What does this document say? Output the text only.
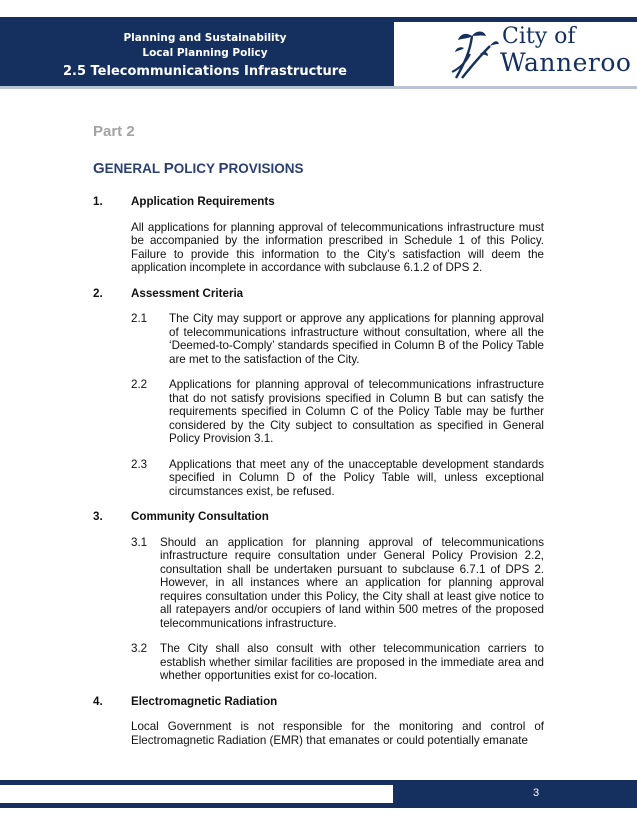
Planning and Sustainability
Local Planning Policy
2.5 Telecommunications Infrastructure
City of
Wanneroo
Part 2
GENERAL POLICY PROVISIONS
1.	Application Requirements
All applications for planning approval of telecommunications infrastructure must be accompanied by the information prescribed in Schedule 1 of this Policy. Failure to provide this information to the City’s satisfaction will deem the application incomplete in accordance with subclause 6.1.2 of DPS 2.
2.	Assessment Criteria
2.1	The City may support or approve any applications for planning approval of telecommunications infrastructure without consultation, where all the ‘Deemed-to-Comply’ standards specified in Column B of the Policy Table are met to the satisfaction of the City.
2.2	Applications for planning approval of telecommunications infrastructure that do not satisfy provisions specified in Column B but can satisfy the requirements specified in Column C of the Policy Table may be further considered by the City subject to consultation as specified in General Policy Provision 3.1.
2.3	Applications that meet any of the unacceptable development standards specified in Column D of the Policy Table will, unless exceptional circumstances exist, be refused.
3.	Community Consultation
3.1	Should an application for planning approval of telecommunications infrastructure require consultation under General Policy Provision 2.2, consultation shall be undertaken pursuant to subclause 6.7.1 of DPS 2. However, in all instances where an application for planning approval requires consultation under this Policy, the City shall at least give notice to all ratepayers and/or occupiers of land within 500 metres of the proposed telecommunications infrastructure.
3.2	The City shall also consult with other telecommunication carriers to establish whether similar facilities are proposed in the immediate area and whether opportunities exist for co-location.
4.	Electromagnetic Radiation
Local Government is not responsible for the monitoring and control of Electromagnetic Radiation (EMR) that emanates or could potentially emanate
3
